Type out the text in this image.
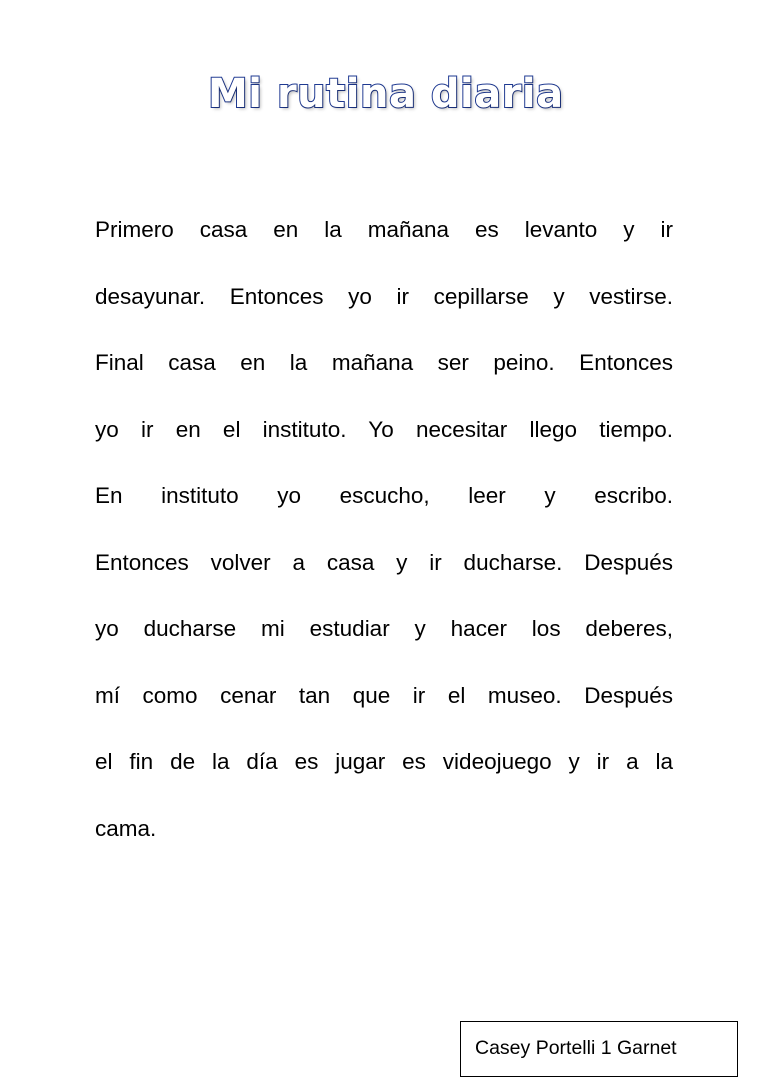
Mi rutina diaria
Primero casa en la mañana es levanto y ir
desayunar. Entonces yo ir cepillarse y vestirse.
Final casa en la mañana ser peino. Entonces
yo ir en el instituto. Yo necesitar llego tiempo.
En instituto yo escucho, leer y escribo.
Entonces volver a casa y ir ducharse. Después
yo ducharse mi estudiar y hacer los deberes,
mí como cenar tan que ir el museo. Después
el fin de la día es jugar es videojuego y ir a la
cama.
Casey Portelli 1 Garnet
